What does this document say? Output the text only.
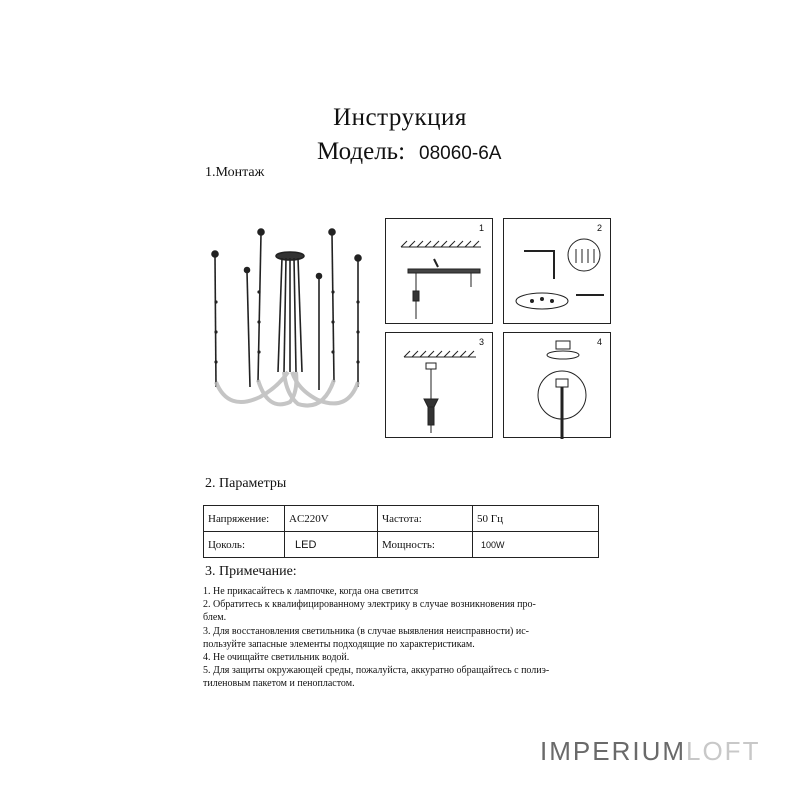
Инструкция
Модель: 08060-6A
1.Монтаж
1	2
3	4
2. Параметры
Напряжение:	AC220V	Частота:	50 Гц
Цоколь:	LED	Мощность:	100W
3. Примечание:
1. Не прикасайтесь к лампочке, когда она светится
2. Обратитесь к квалифицированному электрику в случае возникновения про-
блем.
3. Для восстановления светильника (в случае выявления неисправности) ис-
пользуйте запасные элементы подходящие по характеристикам.
4. Не очищайте светильник водой.
5. Для защиты окружающей среды, пожалуйста, аккуратно обращайтесь с полиэ-
тиленовым пакетом и пенопластом.
IMPERIUMLOFT
